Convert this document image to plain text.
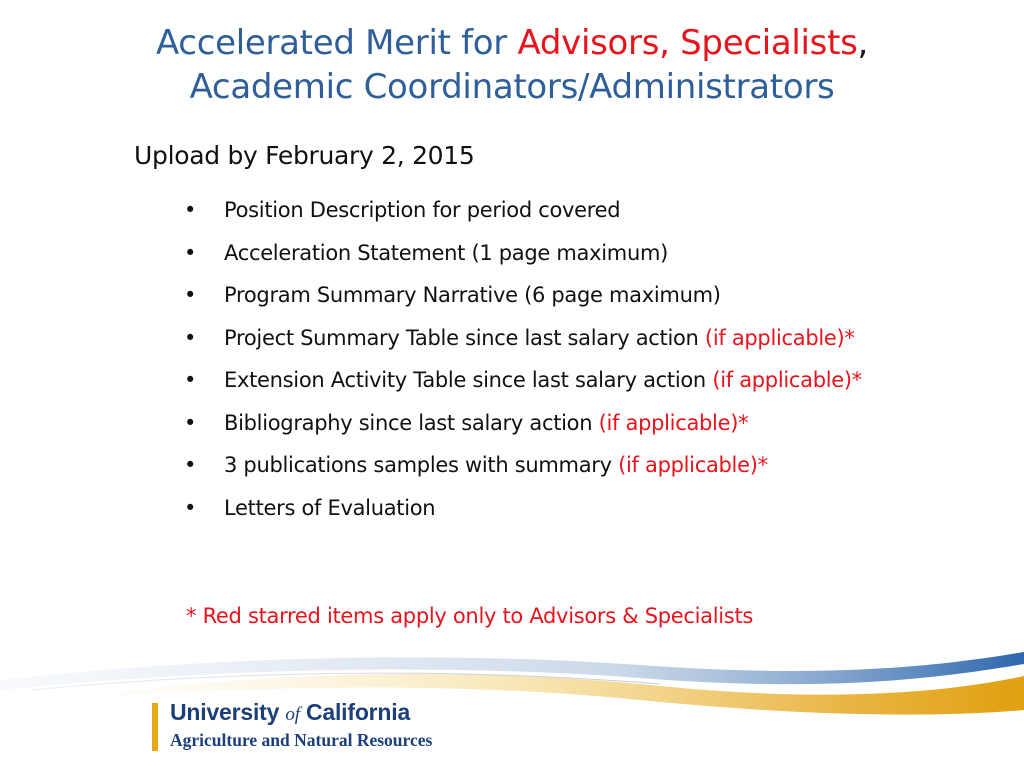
Accelerated Merit for Advisors, Specialists,
Academic Coordinators/Administrators
Upload by February 2, 2015
•	Position Description for period covered
•	Acceleration Statement (1 page maximum)
•	Program Summary Narrative (6 page maximum)
•	Project Summary Table since last salary action (if applicable)*
•	Extension Activity Table since last salary action (if applicable)*
•	Bibliography since last salary action (if applicable)*
•	3 publications samples with summary (if applicable)*
•	Letters of Evaluation
* Red starred items apply only to Advisors & Specialists
University of California
Agriculture and Natural Resources
